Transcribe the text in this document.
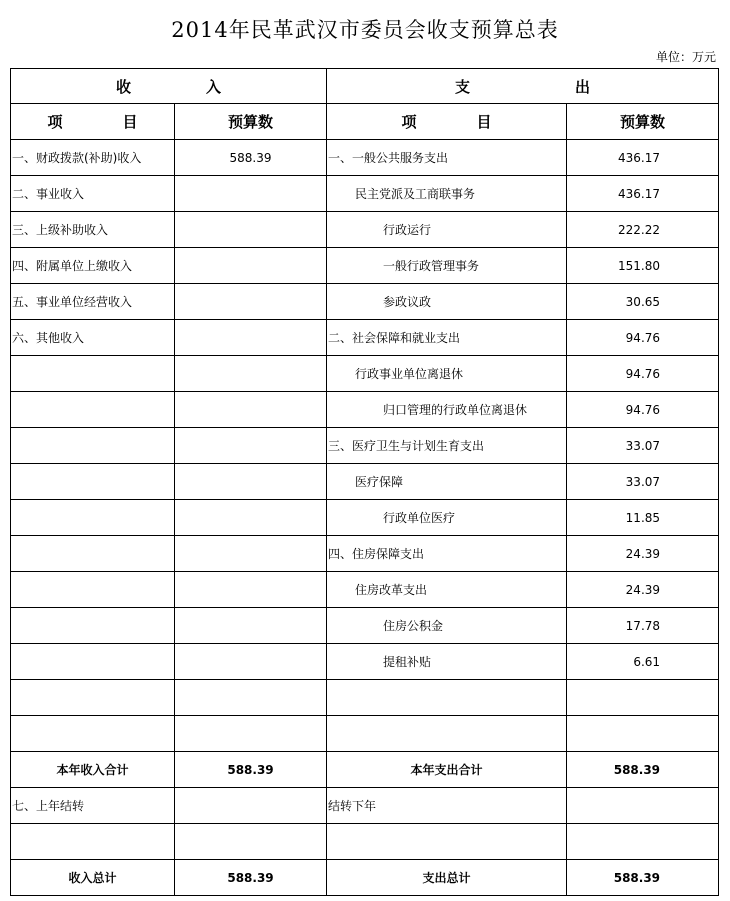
2014年民革武汉市委员会收支预算总表
单位：万元
收　　　　　入		支　　　　　　　出	
项　　　　目	预算数	项　　　　目	预算数
一、财政拨款(补助)收入	588.39	一、一般公共服务支出	436.17
二、事业收入		民主党派及工商联事务	436.17
三、上级补助收入		行政运行	222.22
四、附属单位上缴收入		一般行政管理事务	151.80
五、事业单位经营收入		参政议政	30.65
六、其他收入		二、社会保障和就业支出	94.76
		行政事业单位离退休	94.76
		归口管理的行政单位离退休	94.76
		三、医疗卫生与计划生育支出	33.07
		医疗保障	33.07
		行政单位医疗	11.85
		四、住房保障支出	24.39
		住房改革支出	24.39
		住房公积金	17.78
		提租补贴	6.61

本年收入合计	588.39	本年支出合计	588.39
七、上年结转		结转下年	

收入总计	588.39	支出总计	588.39
